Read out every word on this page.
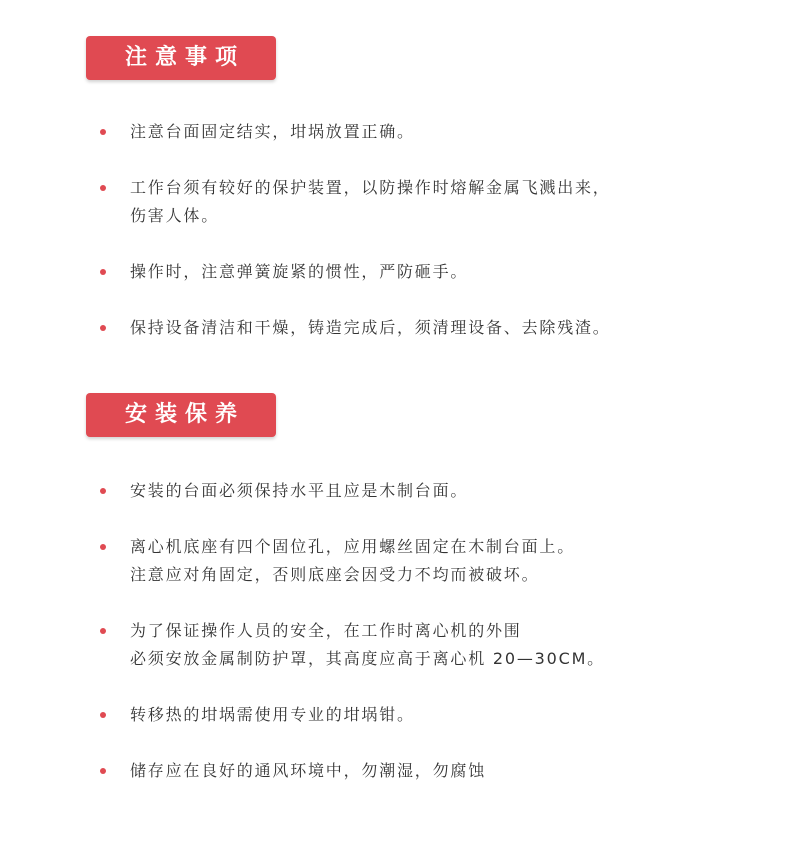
注意事项
注意台面固定结实，坩埚放置正确。
工作台须有较好的保护装置，以防操作时熔解金属飞溅出来，
伤害人体。
操作时，注意弹簧旋紧的惯性，严防砸手。
保持设备清洁和干燥，铸造完成后，须清理设备、去除残渣。
安装保养
安装的台面必须保持水平且应是木制台面。
离心机底座有四个固位孔，应用螺丝固定在木制台面上。
注意应对角固定，否则底座会因受力不均而被破坏。
为了保证操作人员的安全，在工作时离心机的外围
必须安放金属制防护罩，其高度应高于离心机 20—30CM。
转移热的坩埚需使用专业的坩埚钳。
储存应在良好的通风环境中，勿潮湿，勿腐蚀
